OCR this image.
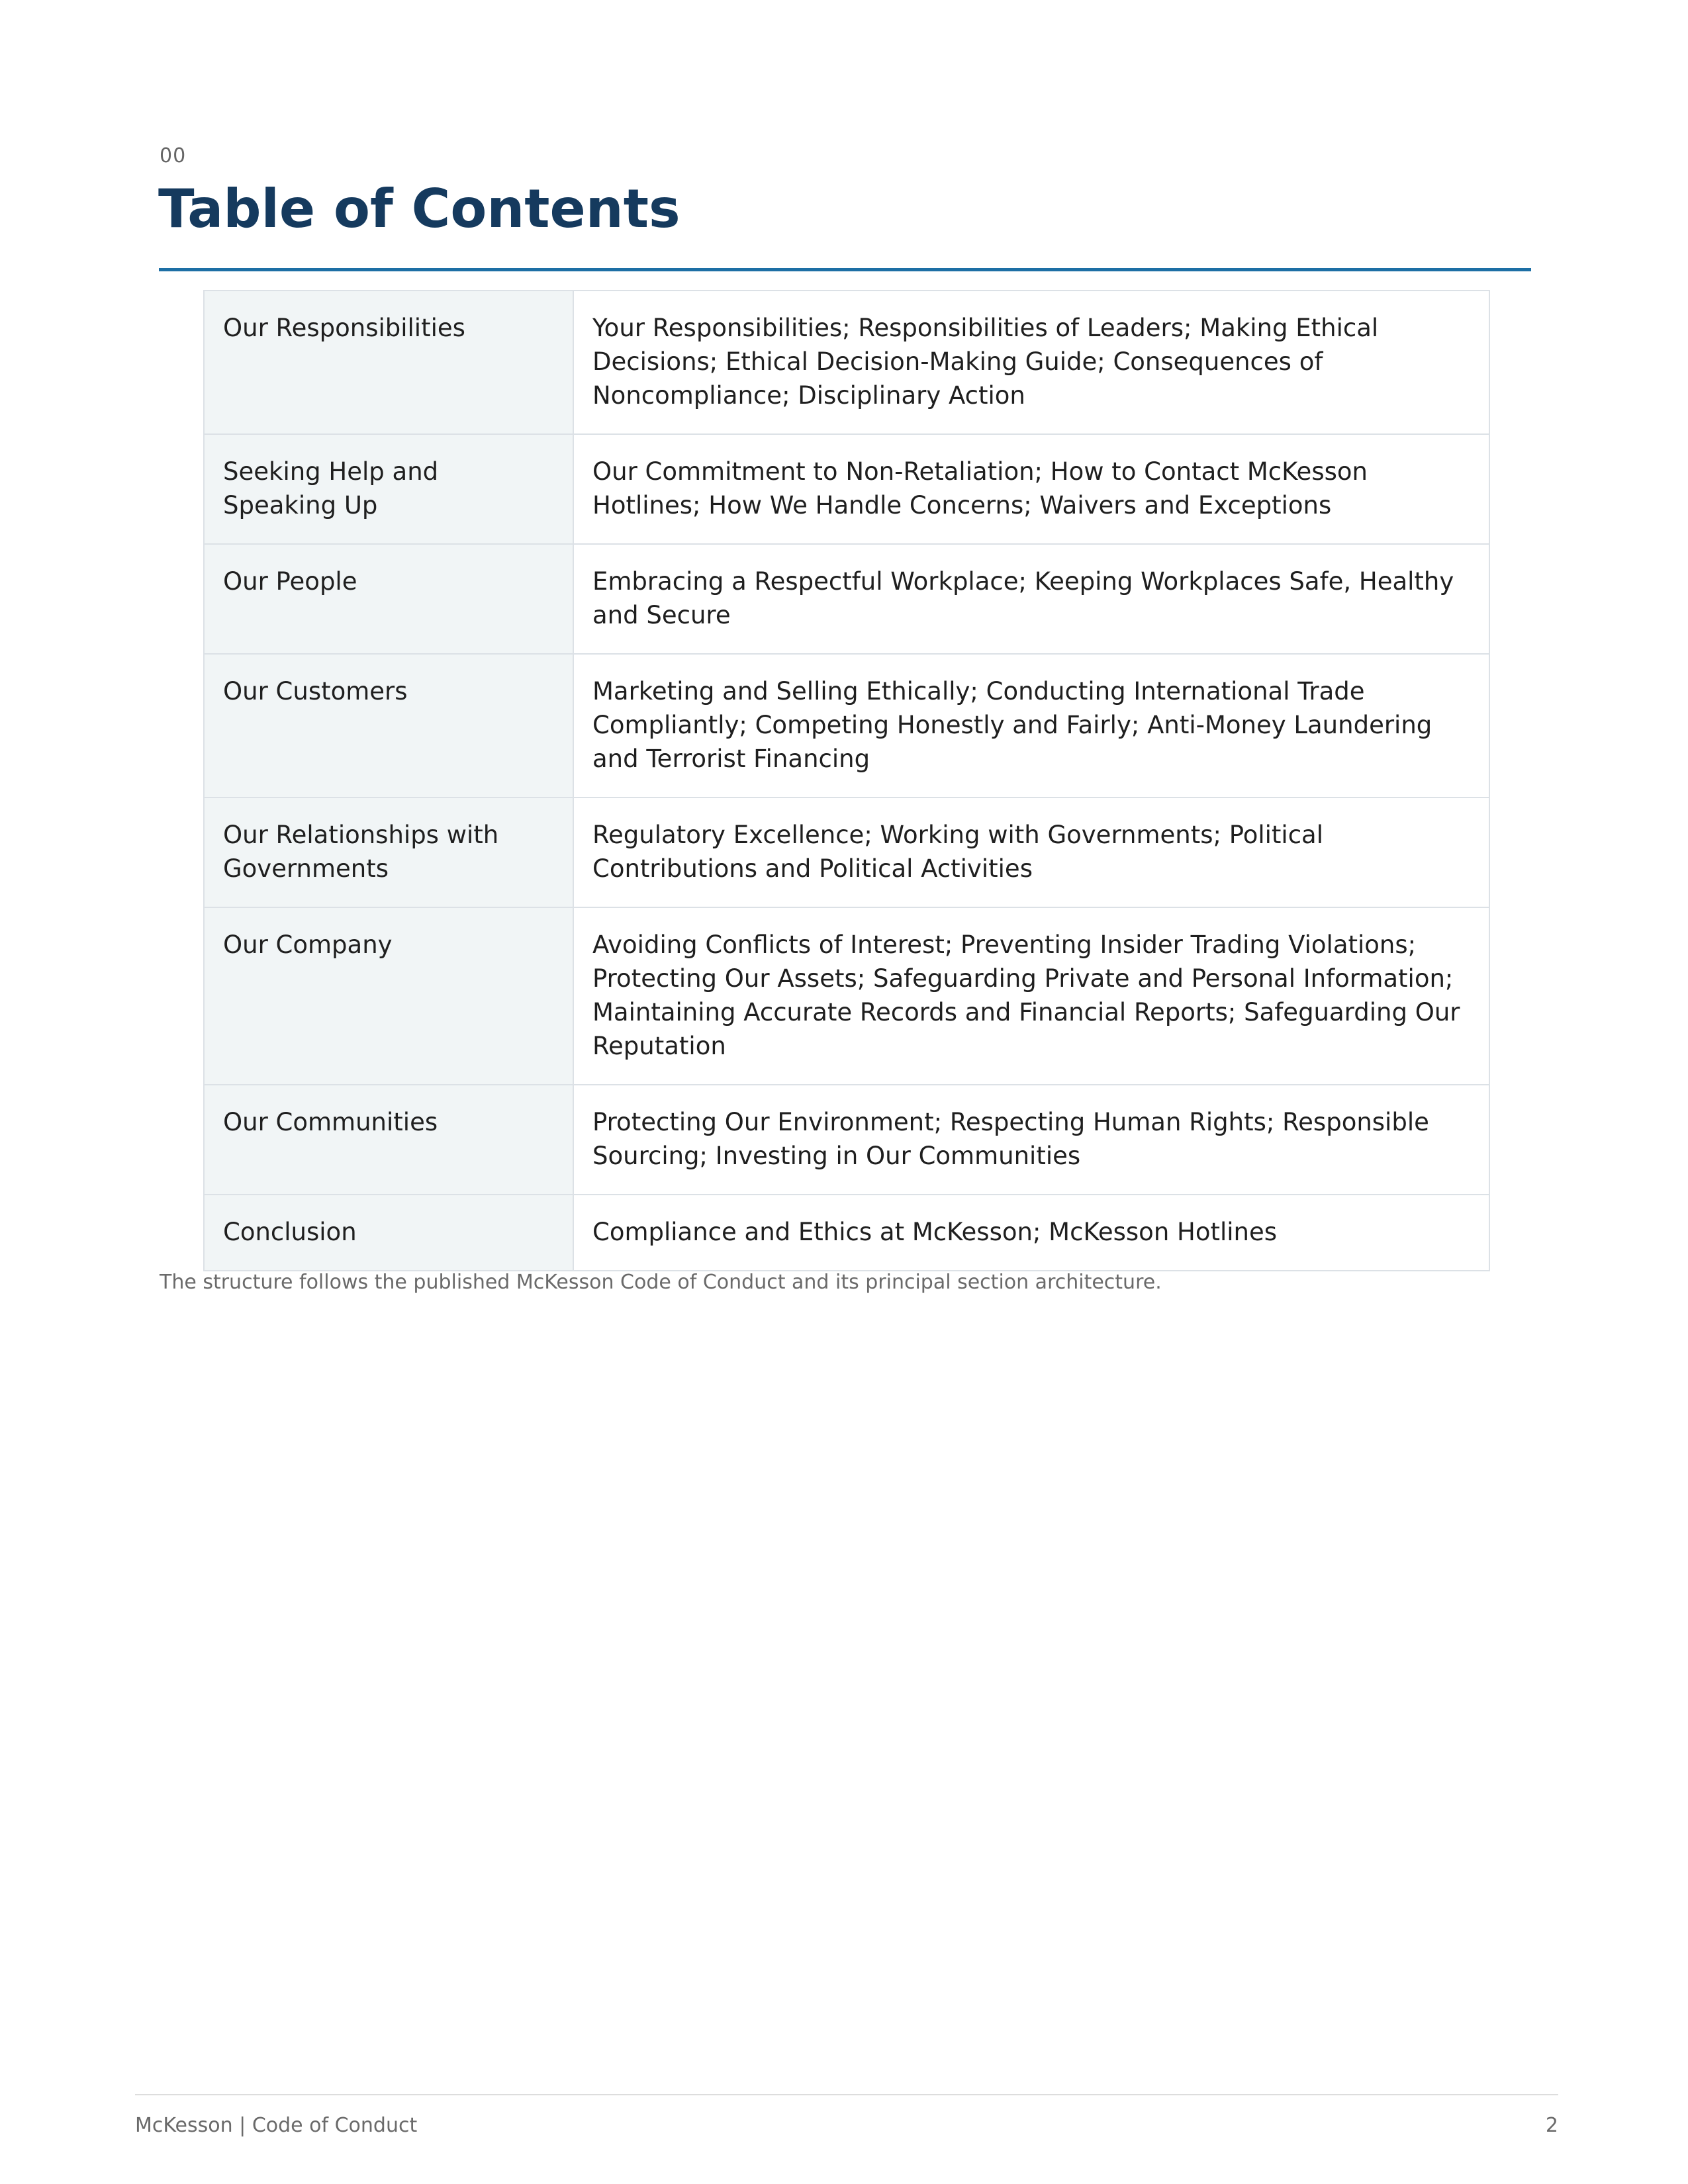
00
Table of Contents
Our Responsibilities	Your Responsibilities; Responsibilities of Leaders; Making Ethical Decisions; Ethical Decision-Making Guide; Consequences of Noncompliance; Disciplinary Action
Seeking Help and Speaking Up	Our Commitment to Non-Retaliation; How to Contact McKesson Hotlines; How We Handle Concerns; Waivers and Exceptions
Our People	Embracing a Respectful Workplace; Keeping Workplaces Safe, Healthy and Secure
Our Customers	Marketing and Selling Ethically; Conducting International Trade Compliantly; Competing Honestly and Fairly; Anti-Money Laundering and Terrorist Financing
Our Relationships with Governments	Regulatory Excellence; Working with Governments; Political Contributions and Political Activities
Our Company	Avoiding Conflicts of Interest; Preventing Insider Trading Violations; Protecting Our Assets; Safeguarding Private and Personal Information; Maintaining Accurate Records and Financial Reports; Safeguarding Our Reputation
Our Communities	Protecting Our Environment; Respecting Human Rights; Responsible Sourcing; Investing in Our Communities
Conclusion	Compliance and Ethics at McKesson; McKesson Hotlines
The structure follows the published McKesson Code of Conduct and its principal section architecture.
McKesson | Code of Conduct	2
